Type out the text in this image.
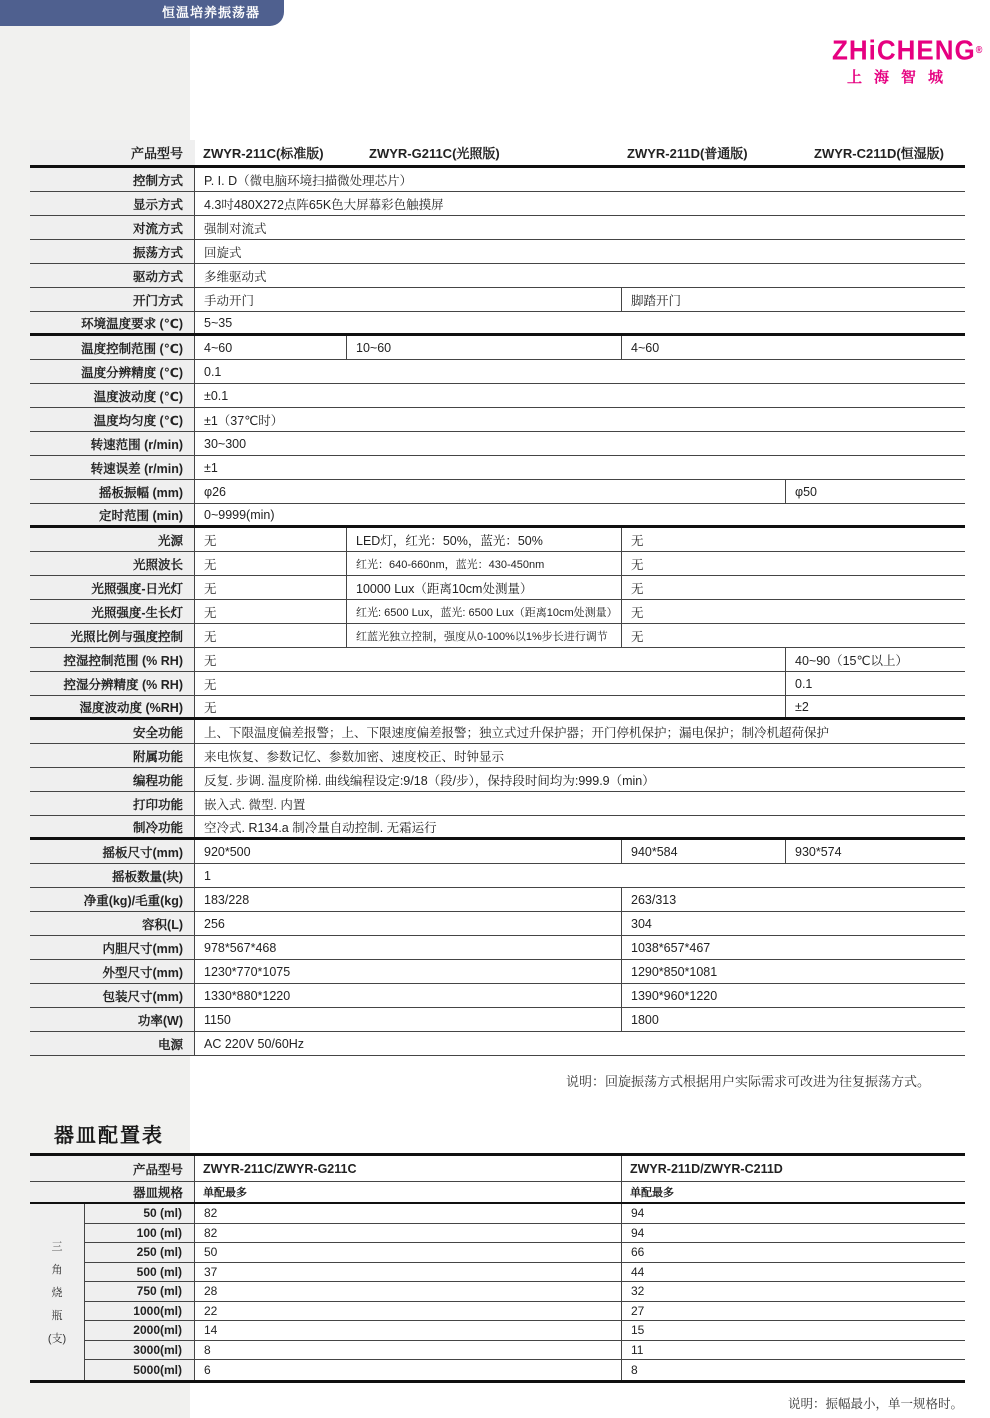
恒温培养振荡器
ZHiCHENG®
上海智城
产品型号	ZWYR-211C(标准版)	ZWYR-G211C(光照版)	ZWYR-211D(普通版)	ZWYR-C211D(恒湿版)
控制方式	P. I. D（微电脑环境扫描微处理芯片）
显示方式	4.3吋480X272点阵65K色大屏幕彩色触摸屏
对流方式	强制对流式
振荡方式	回旋式
驱动方式	多维驱动式
开门方式	手动开门	脚踏开门
环境温度要求 (℃)	5~35
温度控制范围 (℃)	4~60	10~60	4~60
温度分辨精度 (℃)	0.1
温度波动度 (℃)	±0.1
温度均匀度 (℃)	±1（37℃时）
转速范围 (r/min)	30~300
转速误差 (r/min)	±1
摇板振幅 (mm)	φ26	φ50
定时范围 (min)	0~9999(min)
光源	无	LED灯，红光：50%，蓝光：50%	无
光照波长	无	红光：640-660nm，蓝光：430-450nm	无
光照强度-日光灯	无	10000 Lux（距离10cm处测量）	无
光照强度-生长灯	无	红光: 6500 Lux，蓝光: 6500 Lux（距离10cm处测量）	无
光照比例与强度控制	无	红蓝光独立控制，强度从0-100%以1%步长进行调节	无
控湿控制范围 (% RH)	无	40~90（15℃以上）
控湿分辨精度 (% RH)	无	0.1
湿度波动度 (%RH)	无	±2
安全功能	上、下限温度偏差报警；上、下限速度偏差报警；独立式过升保护器；开门停机保护；漏电保护；制冷机超荷保护
附属功能	来电恢复、参数记忆、参数加密、速度校正、时钟显示
编程功能	反复. 步调. 温度阶梯. 曲线编程设定:9/18（段/步），保持段时间均为:999.9（min）
打印功能	嵌入式. 微型. 内置
制冷功能	空冷式. R134.a 制冷量自动控制. 无霜运行
摇板尺寸(mm)	920*500	940*584	930*574
摇板数量(块)	1
净重(kg)/毛重(kg)	183/228	263/313
容积(L)	256	304
内胆尺寸(mm)	978*567*468	1038*657*467
外型尺寸(mm)	1230*770*1075	1290*850*1081
包装尺寸(mm)	1330*880*1220	1390*960*1220
功率(W)	1150	1800
电源	AC 220V 50/60Hz
说明：回旋振荡方式根据用户实际需求可改进为往复振荡方式。
器皿配置表
产品型号	ZWYR-211C/ZWYR-G211C	ZWYR-211D/ZWYR-C211D
器皿规格	单配最多	单配最多
三
角
烧
瓶
(支)
50 (ml)	82	94
100 (ml)	82	94
250 (ml)	50	66
500 (ml)	37	44
750 (ml)	28	32
1000(ml)	22	27
2000(ml)	14	15
3000(ml)	8	11
5000(ml)	6	8
说明：振幅最小，单一规格时。
